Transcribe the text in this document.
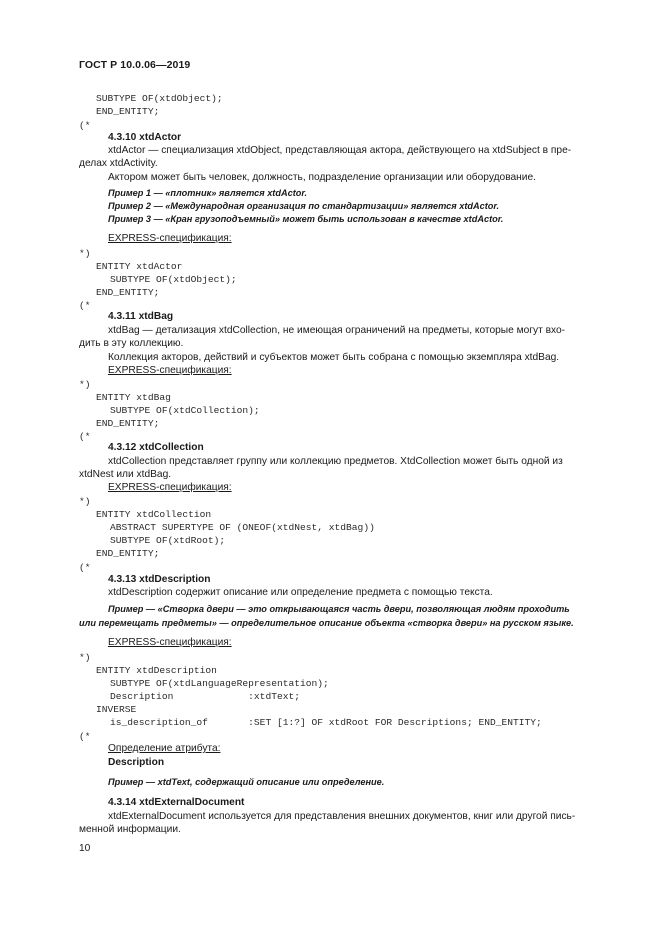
ГОСТ Р 10.0.06—2019
SUBTYPE OF(xtdObject);
END_ENTITY;
(*
4.3.10 xtdActor
xtdActor — специализация xtdObject, представляющая актора, действующего на xtdSubject в пре-
делах xtdActivity.
Актором может быть человек, должность, подразделение организации или оборудование.
Пример 1 — «плотник» является xtdActor.
Пример 2 — «Международная организация по стандартизации» является xtdActor.
Пример 3 — «Кран грузоподъемный» может быть использован в качестве xtdActor.
EXPRESS-спецификация:
*)
ENTITY xtdActor
SUBTYPE OF(xtdObject);
END_ENTITY;
(*
4.3.11 xtdBag
xtdBag — детализация xtdCollection, не имеющая ограничений на предметы, которые могут вхо-
дить в эту коллекцию.
Коллекция акторов, действий и субъектов может быть собрана с помощью экземпляра xtdBag.
EXPRESS-спецификация:
*)
ENTITY xtdBag
SUBTYPE OF(xtdCollection);
END_ENTITY;
(*
4.3.12 xtdCollection
xtdCollection представляет группу или коллекцию предметов. XtdCollection может быть одной из
xtdNest или xtdBag.
EXPRESS-спецификация:
*)
ENTITY xtdCollection
ABSTRACT SUPERTYPE OF (ONEOF(xtdNest, xtdBag))
SUBTYPE OF(xtdRoot);
END_ENTITY;
(*
4.3.13 xtdDescription
xtdDescription содержит описание или определение предмета с помощью текста.
Пример — «Створка двери — это открывающаяся часть двери, позволяющая людям проходить
или перемещать предметы» — определительное описание объекта «створка двери» на русском языке.
EXPRESS-спецификация:
*)
ENTITY xtdDescription
SUBTYPE OF(xtdLanguageRepresentation);
Description             :xtdText;
INVERSE
is_description_of       :SET [1:?] OF xtdRoot FOR Descriptions; END_ENTITY;
(*
Определение атрибута:
Description
Пример — xtdText, содержащий описание или определение.
4.3.14 xtdExternalDocument
xtdExternalDocument используется для представления внешних документов, книг или другой пись-
менной информации.
10
